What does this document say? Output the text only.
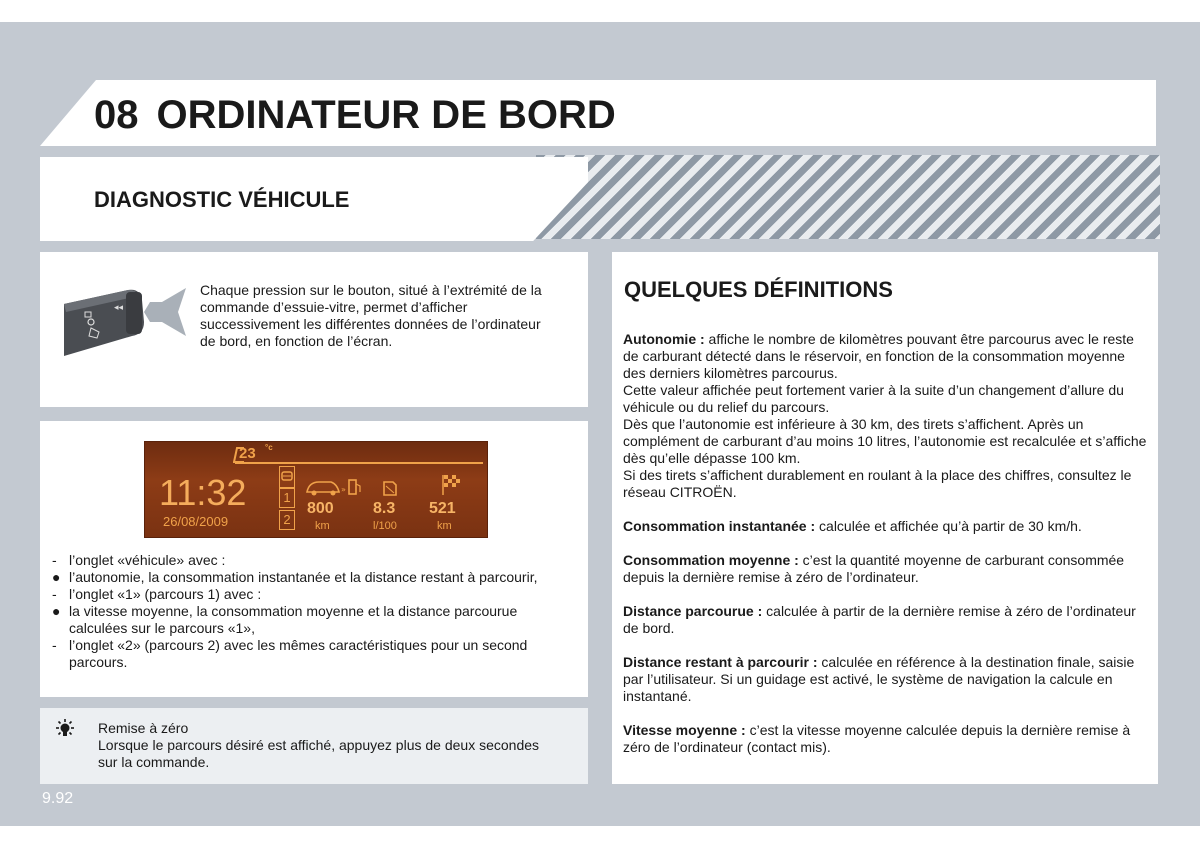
08 ORDINATEUR DE BORD
DIAGNOSTIC VÉHICULE
◂◂
Chaque pression sur le bouton, situé à l’extrémité de la commande d’essuie-vitre, permet d’afficher successivement les différentes données de l’ordinateur de bord, en fonction de l’écran.
23 °c
11:32
26/08/2009
1
2
»
800
km
8.3
l/100
521
km
- l’onglet «véhicule» avec :
● l’autonomie, la consommation instantanée et la distance restant à parcourir,
- l’onglet «1» (parcours 1) avec :
● la vitesse moyenne, la consommation moyenne et la distance parcourue calculées sur le parcours «1»,
- l’onglet «2» (parcours 2) avec les mêmes caractéristiques pour un second parcours.
Remise à zéro
Lorsque le parcours désiré est affiché, appuyez plus de deux secondes sur la commande.
QUELQUES DÉFINITIONS
Autonomie : affiche le nombre de kilomètres pouvant être parcourus avec le reste de carburant détecté dans le réservoir, en fonction de la consommation moyenne des derniers kilomètres parcourus.
Cette valeur affichée peut fortement varier à la suite d’un changement d’allure du véhicule ou du relief du parcours.
Dès que l’autonomie est inférieure à 30 km, des tirets s’affichent. Après un complément de carburant d’au moins 10 litres, l’autonomie est recalculée et s’affiche dès qu’elle dépasse 100 km.
Si des tirets s’affichent durablement en roulant à la place des chiffres, consultez le réseau CITROËN.
Consommation instantanée : calculée et affichée qu’à partir de 30 km/h.
Consommation moyenne : c’est la quantité moyenne de carburant consommée depuis la dernière remise à zéro de l’ordinateur.
Distance parcourue : calculée à partir de la dernière remise à zéro de l’ordinateur de bord.
Distance restant à parcourir : calculée en référence à la destination finale, saisie par l’utilisateur. Si un guidage est activé, le système de navigation la calcule en instantané.
Vitesse moyenne : c’est la vitesse moyenne calculée depuis la dernière remise à zéro de l’ordinateur (contact mis).
9.92
